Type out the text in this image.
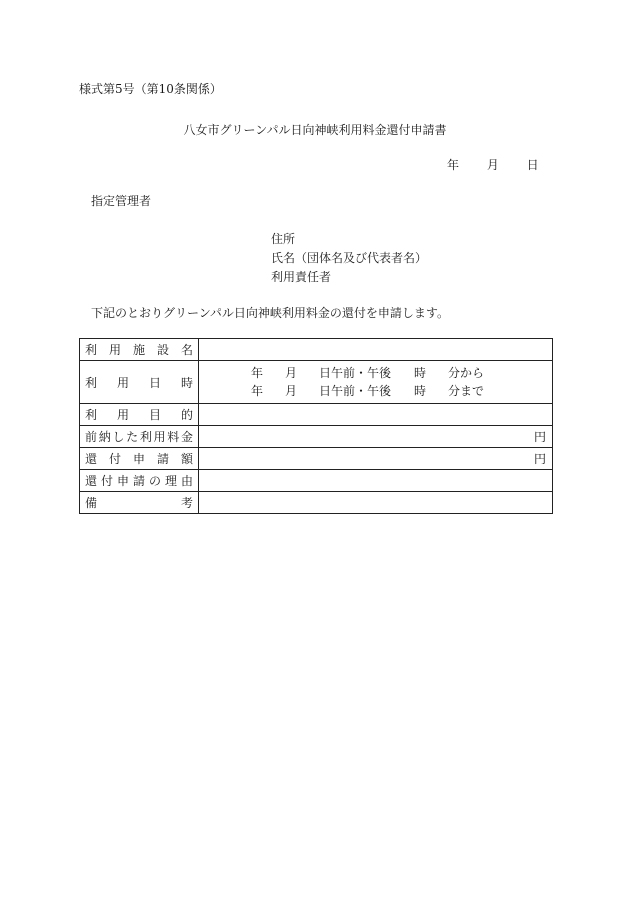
様式第5号（第10条関係）
八女市グリーンパル日向神峡利用料金還付申請書
年 月 日
指定管理者
住所
氏名（団体名及び代表者名）
利用責任者
下記のとおりグリーンパル日向神峡利用料金の還付を申請します。
利用施設名	
利用日時	年 月 日午前・午後 時 分から
年 月 日午前・午後 時 分まで

利用目的	
前納した利用料金	円
還付申請額	円
還付申請の理由	
備考	
